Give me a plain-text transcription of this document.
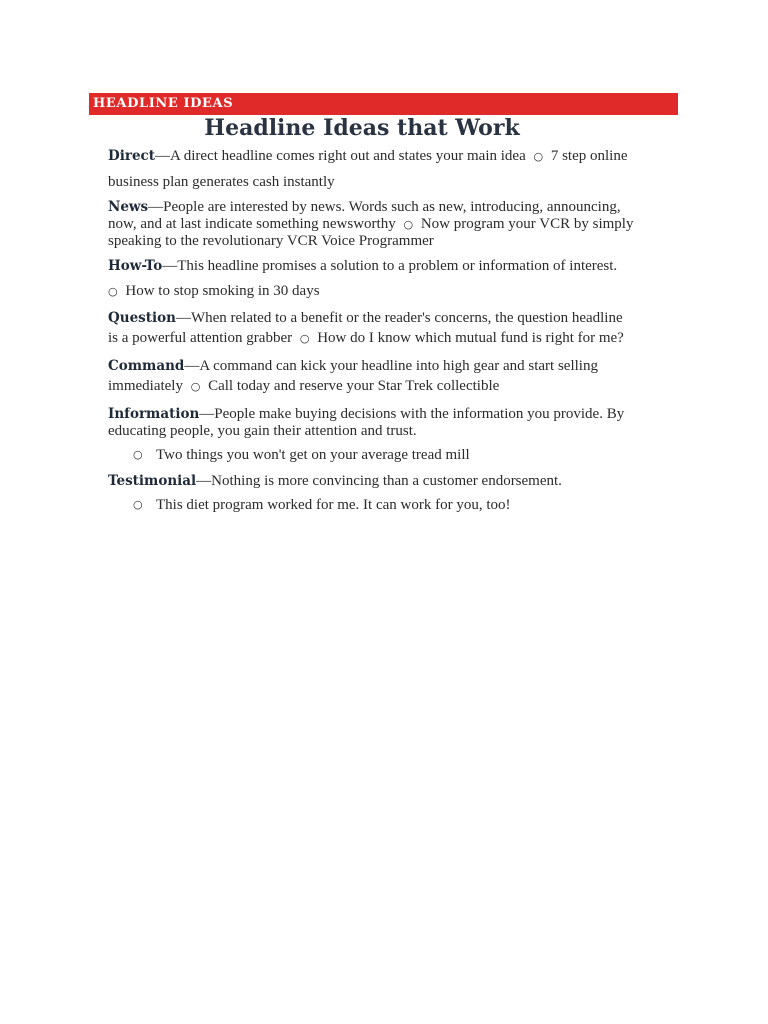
HEADLINE IDEAS
Headline Ideas that Work
Direct—A direct headline comes right out and states your main idea ○ 7 step online
business plan generates cash instantly
News—People are interested by news. Words such as new, introducing, announcing,
now, and at last indicate something newsworthy ○ Now program your VCR by simply
speaking to the revolutionary VCR Voice Programmer
How-To—This headline promises a solution to a problem or information of interest.
○ How to stop smoking in 30 days
Question—When related to a benefit or the reader's concerns, the question headline
is a powerful attention grabber ○ How do I know which mutual fund is right for me?
Command—A command can kick your headline into high gear and start selling
immediately ○ Call today and reserve your Star Trek collectible
Information—People make buying decisions with the information you provide. By
educating people, you gain their attention and trust.
○ Two things you won't get on your average tread mill
Testimonial—Nothing is more convincing than a customer endorsement.
○ This diet program worked for me. It can work for you, too!
